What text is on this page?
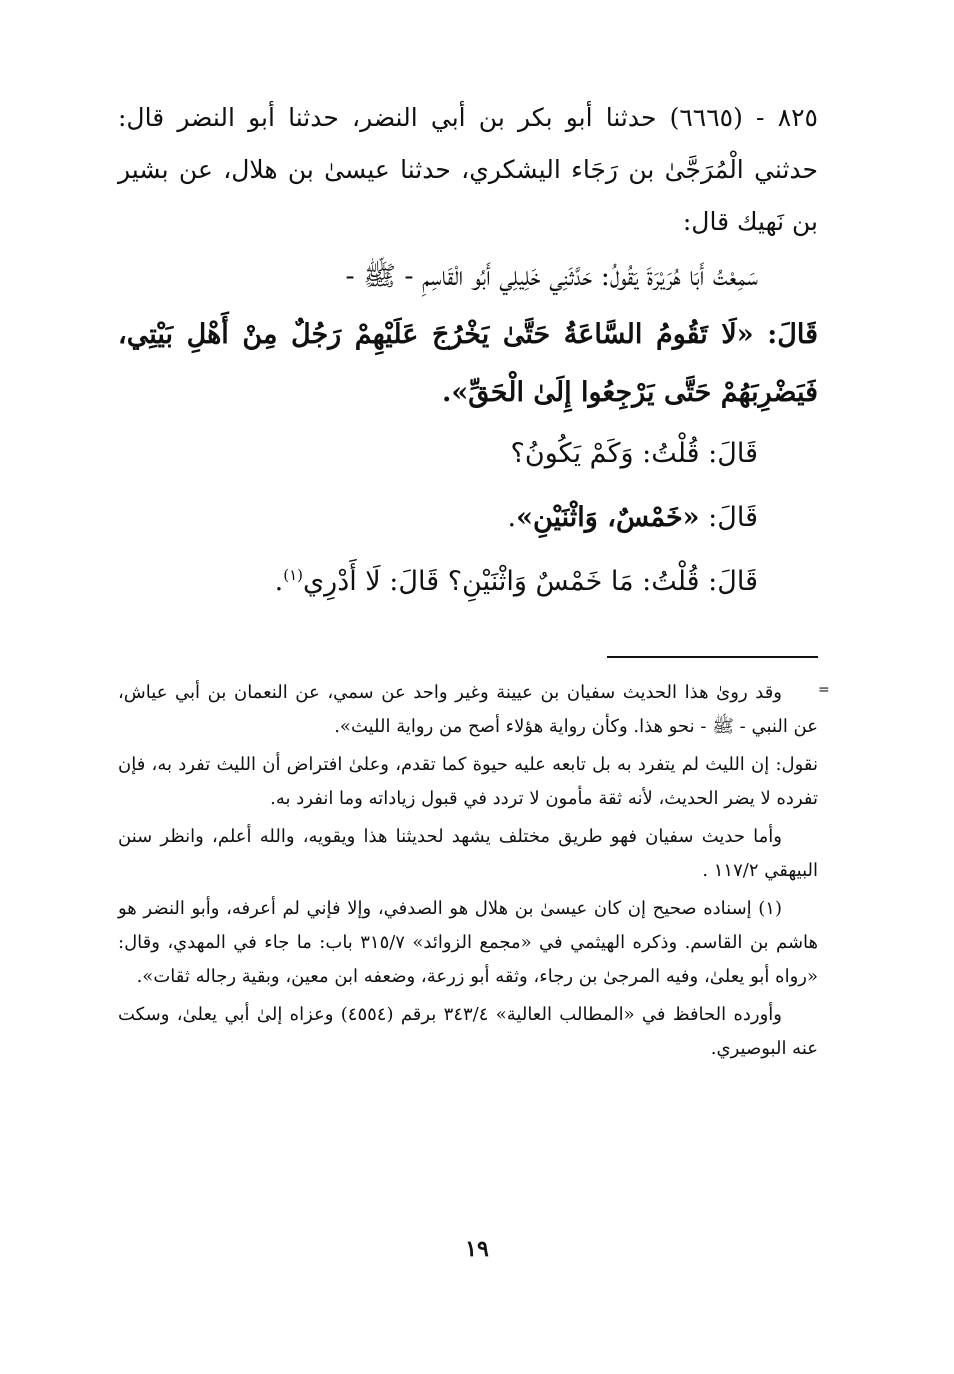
٨٢٥ - (٦٦٦٥) حدثنا أبو بكر بن أبي النضر، حدثنا أبو النضر قال: حدثني الْمُرَجَّىٰ بن رَجَاء اليشكري، حدثنا عيسىٰ بن هلال، عن بشير بن نَهيك قال:

سَمِعْتُ أَبَا هُرَيْرَةَ يَقُولُ: حَدَّثَنِي خَلِيلِي أَبُو الْقَاسِمِ - ﷺ -

قَالَ: «لَا تَقُومُ السَّاعَةُ حَتَّىٰ يَخْرُجَ عَلَيْهِمْ رَجُلٌ مِنْ أَهْلِ بَيْتِي، فَيَضْرِبَهُمْ حَتَّى يَرْجِعُوا إِلَىٰ الْحَقِّ».

قَالَ: قُلْتُ: وَكَمْ يَكُونُ؟

قَالَ: «خَمْسٌ، وَاثْنَيْنِ».

قَالَ: قُلْتُ: مَا خَمْسٌ وَاثْنَيْنِ؟ قَالَ: لَا أَدْرِي$^{(١)}$.

=

وقد روىٰ هذا الحديث سفيان بن عيينة وغير واحد عن سمي، عن النعمان بن أبي عياش، عن النبي - ﷺ - نحو هذا. وكأن رواية هؤلاء أصح من رواية الليث».

نقول: إن الليث لم يتفرد به بل تابعه عليه حيوة كما تقدم، وعلىٰ افتراض أن الليث تفرد به، فإن تفرده لا يضر الحديث، لأنه ثقة مأمون لا تردد في قبول زياداته وما انفرد به.

وأما حديث سفيان فهو طريق مختلف يشهد لحديثنا هذا ويقويه، والله أعلم، وانظر سنن البيهقي ١١٧/٢ .

(١) إسناده صحيح إن كان عيسىٰ بن هلال هو الصدفي، وإلا فإني لم أعرفه، وأبو النضر هو هاشم بن القاسم. وذكره الهيثمي في «مجمع الزوائد» ٣١٥/٧ باب: ما جاء في المهدي، وقال: «رواه أبو يعلىٰ، وفيه المرجىٰ بن رجاء، وثقه أبو زرعة، وضعفه ابن معين، وبقية رجاله ثقات».

وأورده الحافظ في «المطالب العالية» ٣٤٣/٤ برقم (٤٥٥٤) وعزاه إلىٰ أبي يعلىٰ، وسكت عنه البوصيري.

١٩
